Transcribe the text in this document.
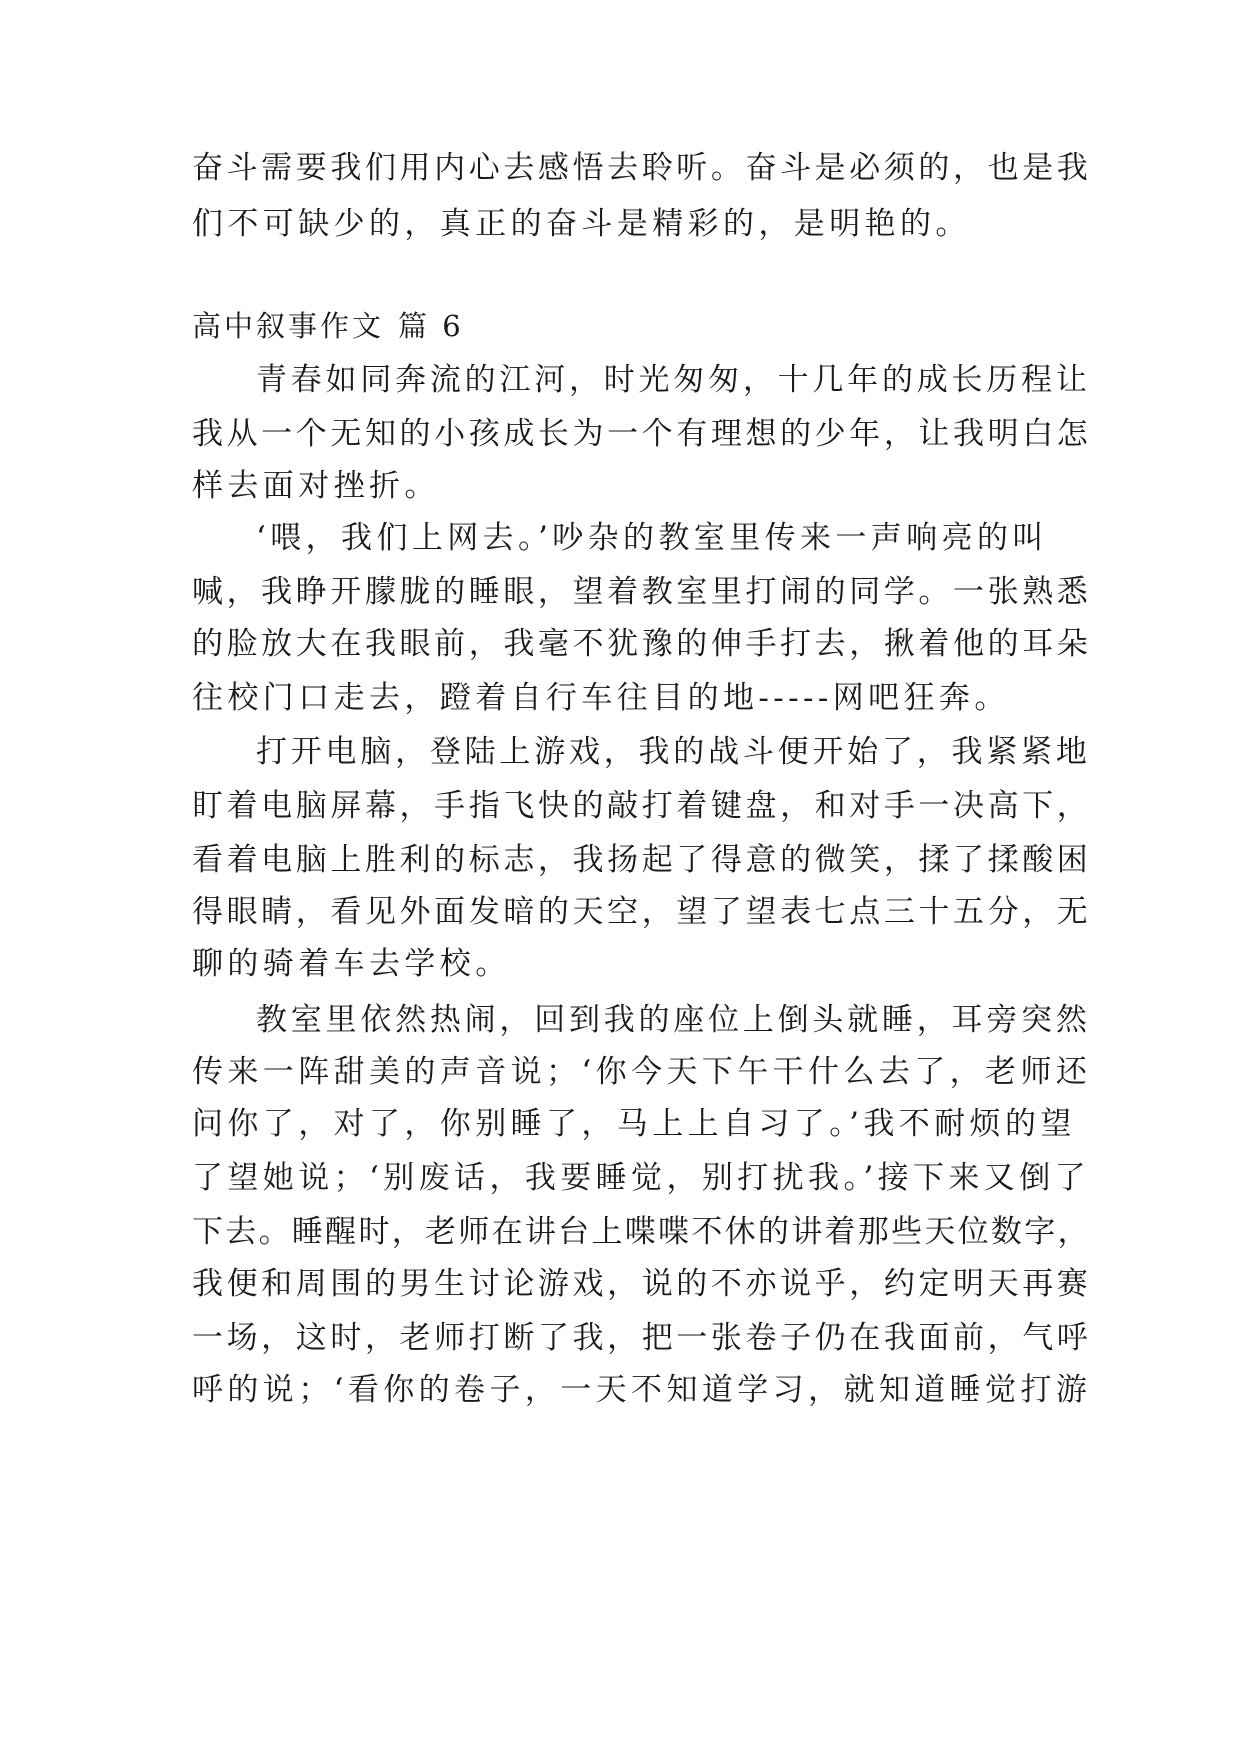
奋斗需要我们用内心去感悟去聆听。奋斗是必须的，也是我
们不可缺少的，真正的奋斗是精彩的，是明艳的。
高中叙事作文 篇 6
青春如同奔流的江河，时光匆匆，十几年的成长历程让
我从一个无知的小孩成长为一个有理想的少年，让我明白怎
样去面对挫折。
‘喂，我们上网去。’吵杂的教室里传来一声响亮的叫
喊，我睁开朦胧的睡眼，望着教室里打闹的同学。一张熟悉
的脸放大在我眼前，我毫不犹豫的伸手打去，揪着他的耳朵
往校门口走去，蹬着自行车往目的地-----网吧狂奔。
打开电脑，登陆上游戏，我的战斗便开始了，我紧紧地
盯着电脑屏幕，手指飞快的敲打着键盘，和对手一决高下，
看着电脑上胜利的标志，我扬起了得意的微笑，揉了揉酸困
得眼睛，看见外面发暗的天空，望了望表七点三十五分，无
聊的骑着车去学校。
教室里依然热闹，回到我的座位上倒头就睡，耳旁突然
传来一阵甜美的声音说；‘你今天下午干什么去了，老师还
问你了，对了，你别睡了，马上上自习了。’我不耐烦的望
了望她说；‘别废话，我要睡觉，别打扰我。’接下来又倒了
下去。睡醒时，老师在讲台上喋喋不休的讲着那些天位数字，
我便和周围的男生讨论游戏，说的不亦说乎，约定明天再赛
一场，这时，老师打断了我，把一张卷子仍在我面前，气呼
呼的说；‘看你的卷子，一天不知道学习，就知道睡觉打游
